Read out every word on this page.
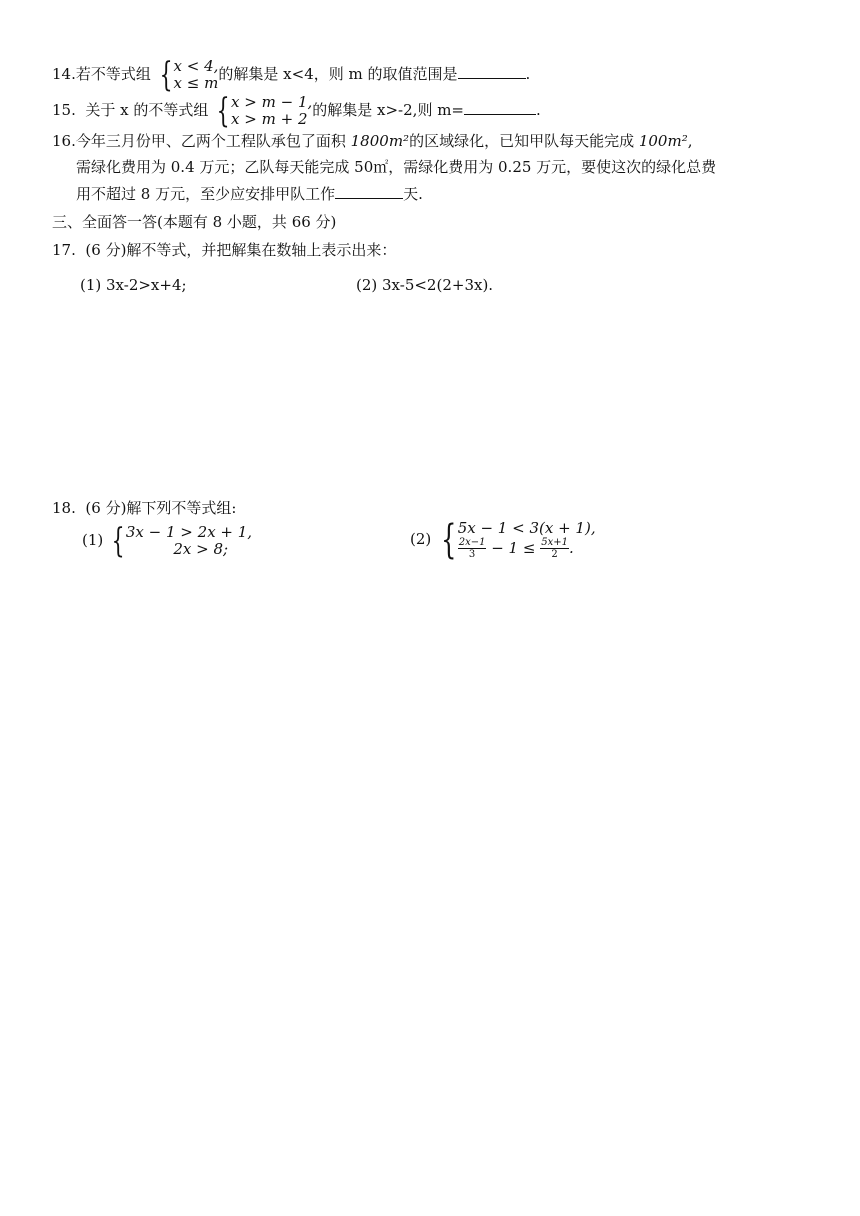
14.若不等式组 { x < 4,
x ≤ m 的解集是 x<4，则 m 的取值范围是	.
15. 关于 x 的不等式组 { x > m − 1,
x > m + 2 的解集是 x>-2,则 m=	.
16.今年三月份甲、乙两个工程队承包了面积 1800m²的区域绿化，已知甲队每天能完成 100m²,
需绿化费用为 0.4 万元；乙队每天能完成 50㎡，需绿化费用为 0.25 万元，要使这次的绿化总费
用不超过 8 万元，至少应安排甲队工作	天.
三、全面答一答(本题有 8 小题，共 66 分)
17. (6 分)解不等式，并把解集在数轴上表示出来：
(1) 3x-2>x+4;	(2) 3x-5<2(2+3x).
18. (6 分)解下列不等式组:
(1) { 3x − 1 > 2x + 1,
2x > 8;
(2) { 5x − 1 < 3(x + 1),
$\frac{2x-1}{3} - 1 \le \frac{5x+1}{2}$ .
